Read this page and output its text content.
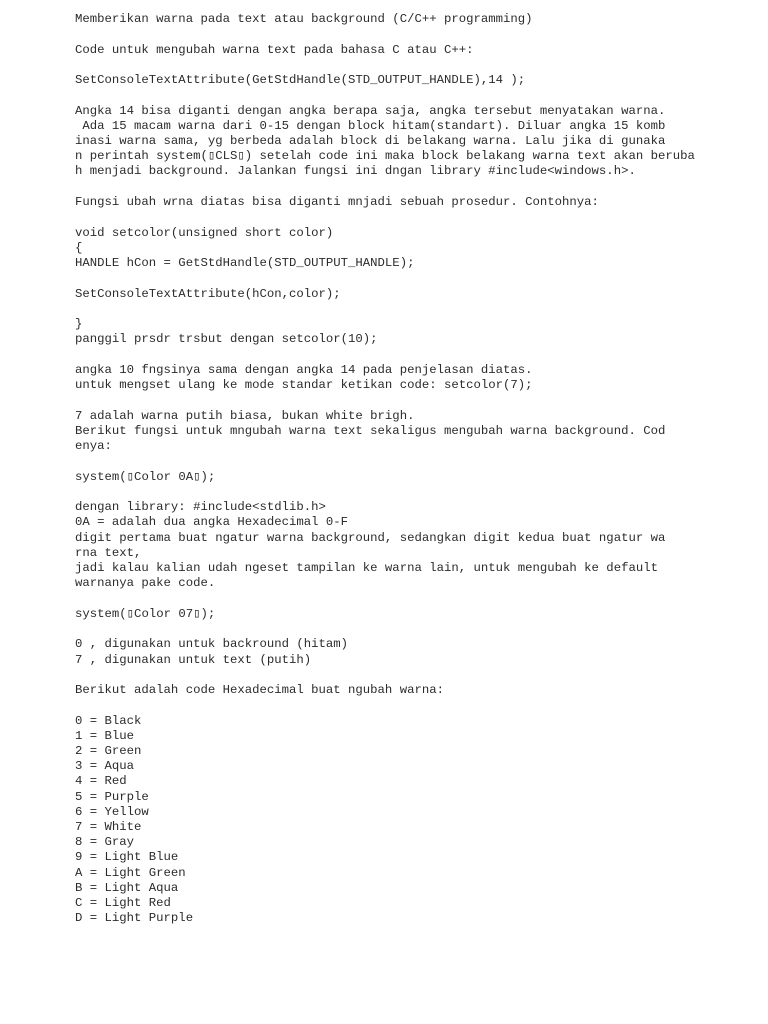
Memberikan warna pada text atau background (C/C++ programming)
Code untuk mengubah warna text pada bahasa C atau C++:
SetConsoleTextAttribute(GetStdHandle(STD_OUTPUT_HANDLE),14 );
Angka 14 bisa diganti dengan angka berapa saja, angka tersebut menyatakan warna.
Ada 15 macam warna dari 0-15 dengan block hitam(standart). Diluar angka 15 komb
inasi warna sama, yg berbeda adalah block di belakang warna. Lalu jika di gunaka
n perintah system(▯CLS▯) setelah code ini maka block belakang warna text akan beruba
h menjadi background. Jalankan fungsi ini dngan library #include<windows.h>.
Fungsi ubah wrna diatas bisa diganti mnjadi sebuah prosedur. Contohnya:
void setcolor(unsigned short color)
{
HANDLE hCon = GetStdHandle(STD_OUTPUT_HANDLE);
SetConsoleTextAttribute(hCon,color);
}
panggil prsdr trsbut dengan setcolor(10);
angka 10 fngsinya sama dengan angka 14 pada penjelasan diatas.
untuk mengset ulang ke mode standar ketikan code: setcolor(7);
7 adalah warna putih biasa, bukan white brigh.
Berikut fungsi untuk mngubah warna text sekaligus mengubah warna background. Cod
enya:
system(▯Color 0A▯);
dengan library: #include<stdlib.h>
0A = adalah dua angka Hexadecimal 0-F
digit pertama buat ngatur warna background, sedangkan digit kedua buat ngatur wa
rna text,
jadi kalau kalian udah ngeset tampilan ke warna lain, untuk mengubah ke default
warnanya pake code.
system(▯Color 07▯);
0 , digunakan untuk backround (hitam)
7 , digunakan untuk text (putih)
Berikut adalah code Hexadecimal buat ngubah warna:
0 = Black
1 = Blue
2 = Green
3 = Aqua
4 = Red
5 = Purple
6 = Yellow
7 = White
8 = Gray
9 = Light Blue
A = Light Green
B = Light Aqua
C = Light Red
D = Light Purple
